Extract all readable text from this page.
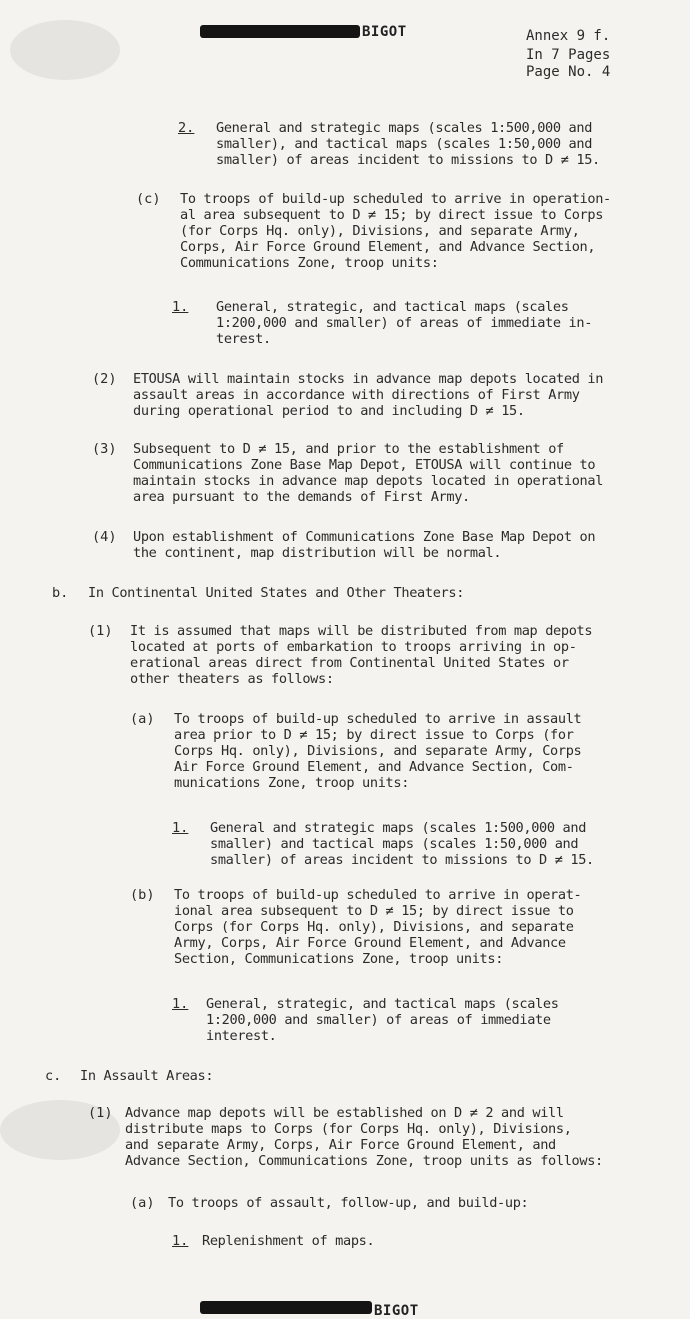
BIGOT	Annex 9 f.
In 7 Pages
Page No. 4
2. General and strategic maps (scales 1:500,000 and
smaller), and tactical maps (scales 1:50,000 and
smaller) of areas incident to missions to D ≠ 15.
(c) To troops of build-up scheduled to arrive in operation-
al area subsequent to D ≠ 15; by direct issue to Corps
(for Corps Hq. only), Divisions, and separate Army,
Corps, Air Force Ground Element, and Advance Section,
Communications Zone, troop units:
1. General, strategic, and tactical maps (scales
1:200,000 and smaller) of areas of immediate in-
terest.
(2) ETOUSA will maintain stocks in advance map depots located in
assault areas in accordance with directions of First Army
during operational period to and including D ≠ 15.
(3) Subsequent to D ≠ 15, and prior to the establishment of
Communications Zone Base Map Depot, ETOUSA will continue to
maintain stocks in advance map depots located in operational
area pursuant to the demands of First Army.
(4) Upon establishment of Communications Zone Base Map Depot on
the continent, map distribution will be normal.
b. In Continental United States and Other Theaters:
(1) It is assumed that maps will be distributed from map depots
located at ports of embarkation to troops arriving in op-
erational areas direct from Continental United States or
other theaters as follows:
(a) To troops of build-up scheduled to arrive in assault
area prior to D ≠ 15; by direct issue to Corps (for
Corps Hq. only), Divisions, and separate Army, Corps
Air Force Ground Element, and Advance Section, Com-
munications Zone, troop units:
1. General and strategic maps (scales 1:500,000 and
smaller) and tactical maps (scales 1:50,000 and
smaller) of areas incident to missions to D ≠ 15.
(b) To troops of build-up scheduled to arrive in operat-
ional area subsequent to D ≠ 15; by direct issue to
Corps (for Corps Hq. only), Divisions, and separate
Army, Corps, Air Force Ground Element, and Advance
Section, Communications Zone, troop units:
1. General, strategic, and tactical maps (scales
1:200,000 and smaller) of areas of immediate
interest.
c. In Assault Areas:
(1) Advance map depots will be established on D ≠ 2 and will
distribute maps to Corps (for Corps Hq. only), Divisions,
and separate Army, Corps, Air Force Ground Element, and
Advance Section, Communications Zone, troop units as follows:
(a) To troops of assault, follow-up, and build-up:
1. Replenishment of maps.
BIGOT
